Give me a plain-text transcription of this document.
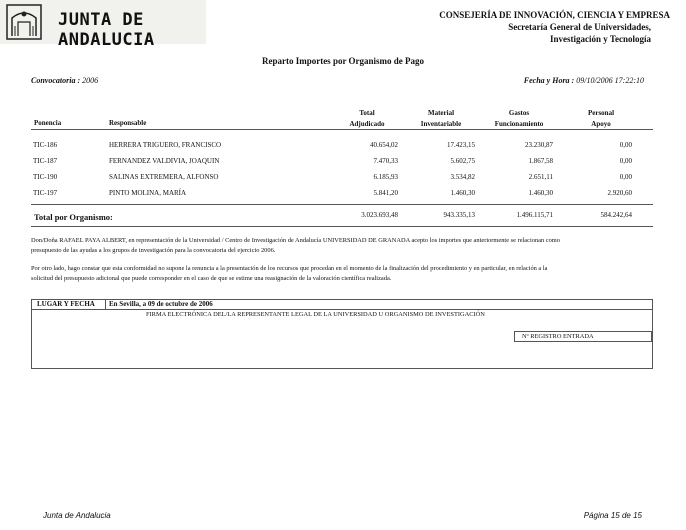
JUNTA DE ANDALUCIA
CONSEJERÍA DE INNOVACIÓN, CIENCIA Y EMPRESA
Secretaría General de Universidades,
Investigación y Tecnología
Reparto Importes por Organismo de Pago
Convocatoria : 2006	Fecha y Hora : 09/10/2006 17:22:10
Ponencia	Responsable
Total
Adjudicado
Material
Inventariable
Gastos
Funcionamiento
Personal
Apoyo
TIC-186	HERRERA TRIGUERO, FRANCISCO	40.654,02	17.423,15	23.230,87	0,00
TIC-187	FERNANDEZ VALDIVIA, JOAQUIN	7.470,33	5.602,75	1.867,58	0,00
TIC-190	SALINAS EXTREMERA, ALFONSO	6.185,93	3.534,82	2.651,11	0,00
TIC-197	PINTO MOLINA, MARÍA	5.841,20	1.460,30	1.460,30	2.920,60
Total por Organismo:	3.023.693,48	943.335,13	1.496.115,71	584.242,64
Don/Doña RAFAEL PAYA ALBERT, en representación de la Universidad / Centro de Investigación de Andalucía UNIVERSIDAD DE GRANADA acepto los importes que anteriormente se relacionan como
presupuesto de las ayudas a los grupos de investigación para la convocatoria del ejercicio 2006.
Por otro lado, hago constar que esta conformidad no supone la renuncia a la presentación de los recursos que procedan en el momento de la finalización del procedimiento y en particular, en relación a la
solicitud del presupuesto adicional que puede corresponder en el caso de que se estime una reasignación de la valoración científica realizada.
LUGAR Y FECHA En Sevilla, a 09 de octubre de 2006
FIRMA ELECTRÓNICA DEL/LA REPRESENTANTE LEGAL DE LA UNIVERSIDAD U ORGANISMO DE INVESTIGACIÓN
Nº REGISTRO ENTRADA
Junta de Andalucia	Página 15 de 15
